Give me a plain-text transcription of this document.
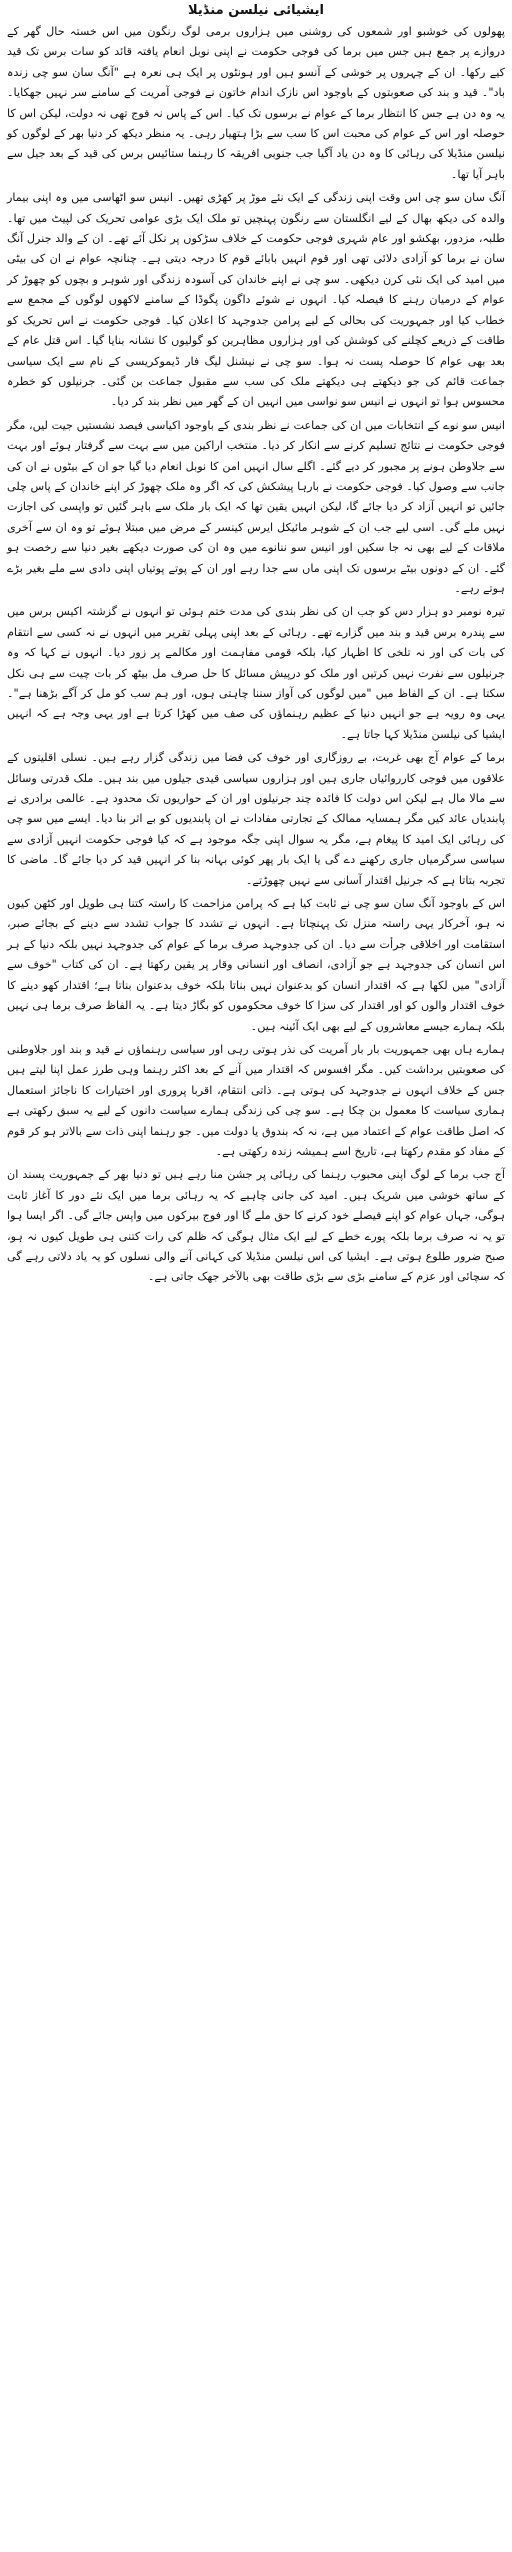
ایشیائی نیلسن منڈیلا

پھولوں کی خوشبو اور شمعوں کی روشنی میں ہزاروں برمی لوگ رنگون میں اس خستہ حال گھر کے دروازے پر جمع ہیں جس میں برما کی فوجی حکومت نے اپنی نوبل انعام یافتہ قائد کو سات برس تک قید کیے رکھا۔ ان کے چہروں پر خوشی کے آنسو ہیں اور ہونٹوں پر ایک ہی نعرہ ہے "آنگ سان سو چی زندہ باد"۔ قید و بند کی صعوبتوں کے باوجود اس نازک اندام خاتون نے فوجی آمریت کے سامنے سر نہیں جھکایا۔ یہ وہ دن ہے جس کا انتظار برما کے عوام نے برسوں تک کیا۔ اس کے پاس نہ فوج تھی نہ دولت، لیکن اس کا حوصلہ اور اس کے عوام کی محبت اس کا سب سے بڑا ہتھیار رہی۔ یہ منظر دیکھ کر دنیا بھر کے لوگوں کو نیلسن منڈیلا کی رہائی کا وہ دن یاد آگیا جب جنوبی افریقہ کا رہنما ستائیس برس کی قید کے بعد جیل سے باہر آیا تھا۔

آنگ سان سو چی اس وقت اپنی زندگی کے ایک نئے موڑ پر کھڑی تھیں۔ انیس سو اٹھاسی میں وہ اپنی بیمار والدہ کی دیکھ بھال کے لیے انگلستان سے رنگون پہنچیں تو ملک ایک بڑی عوامی تحریک کی لپیٹ میں تھا۔ طلبہ، مزدور، بھکشو اور عام شہری فوجی حکومت کے خلاف سڑکوں پر نکل آئے تھے۔ ان کے والد جنرل آنگ سان نے برما کو آزادی دلائی تھی اور قوم انہیں بابائے قوم کا درجہ دیتی ہے۔ چنانچہ عوام نے ان کی بیٹی میں امید کی ایک نئی کرن دیکھی۔ سو چی نے اپنے خاندان کی آسودہ زندگی اور شوہر و بچوں کو چھوڑ کر عوام کے درمیان رہنے کا فیصلہ کیا۔ انہوں نے شوئے داگون پگوڈا کے سامنے لاکھوں لوگوں کے مجمع سے خطاب کیا اور جمہوریت کی بحالی کے لیے پرامن جدوجہد کا اعلان کیا۔ فوجی حکومت نے اس تحریک کو طاقت کے ذریعے کچلنے کی کوشش کی اور ہزاروں مظاہرین کو گولیوں کا نشانہ بنایا گیا۔ اس قتل عام کے بعد بھی عوام کا حوصلہ پست نہ ہوا۔ سو چی نے نیشنل لیگ فار ڈیموکریسی کے نام سے ایک سیاسی جماعت قائم کی جو دیکھتے ہی دیکھتے ملک کی سب سے مقبول جماعت بن گئی۔ جرنیلوں کو خطرہ محسوس ہوا تو انہوں نے انیس سو نواسی میں انہیں ان کے گھر میں نظر بند کر دیا۔

انیس سو نوے کے انتخابات میں ان کی جماعت نے نظر بندی کے باوجود اکیاسی فیصد نشستیں جیت لیں، مگر فوجی حکومت نے نتائج تسلیم کرنے سے انکار کر دیا۔ منتخب اراکین میں سے بہت سے گرفتار ہوئے اور بہت سے جلاوطن ہونے پر مجبور کر دیے گئے۔ اگلے سال انہیں امن کا نوبل انعام دیا گیا جو ان کے بیٹوں نے ان کی جانب سے وصول کیا۔ فوجی حکومت نے بارہا پیشکش کی کہ اگر وہ ملک چھوڑ کر اپنے خاندان کے پاس چلی جائیں تو انہیں آزاد کر دیا جائے گا، لیکن انہیں یقین تھا کہ ایک بار ملک سے باہر گئیں تو واپسی کی اجازت نہیں ملے گی۔ اسی لیے جب ان کے شوہر مائیکل ایرس کینسر کے مرض میں مبتلا ہوئے تو وہ ان سے آخری ملاقات کے لیے بھی نہ جا سکیں اور انیس سو ننانوے میں وہ ان کی صورت دیکھے بغیر دنیا سے رخصت ہو گئے۔ ان کے دونوں بیٹے برسوں تک اپنی ماں سے جدا رہے اور ان کے پوتے پوتیاں اپنی دادی سے ملے بغیر بڑے ہوتے رہے۔

تیرہ نومبر دو ہزار دس کو جب ان کی نظر بندی کی مدت ختم ہوئی تو انہوں نے گزشتہ اکیس برس میں سے پندرہ برس قید و بند میں گزارے تھے۔ رہائی کے بعد اپنی پہلی تقریر میں انہوں نے نہ کسی سے انتقام کی بات کی اور نہ تلخی کا اظہار کیا، بلکہ قومی مفاہمت اور مکالمے پر زور دیا۔ انہوں نے کہا کہ وہ جرنیلوں سے نفرت نہیں کرتیں اور ملک کو درپیش مسائل کا حل صرف مل بیٹھ کر بات چیت سے ہی نکل سکتا ہے۔ ان کے الفاظ میں "میں لوگوں کی آواز سننا چاہتی ہوں، اور ہم سب کو مل کر آگے بڑھنا ہے"۔ یہی وہ رویہ ہے جو انہیں دنیا کے عظیم رہنماؤں کی صف میں کھڑا کرتا ہے اور یہی وجہ ہے کہ انہیں ایشیا کی نیلسن منڈیلا کہا جاتا ہے۔

برما کے عوام آج بھی غربت، بے روزگاری اور خوف کی فضا میں زندگی گزار رہے ہیں۔ نسلی اقلیتوں کے علاقوں میں فوجی کارروائیاں جاری ہیں اور ہزاروں سیاسی قیدی جیلوں میں بند ہیں۔ ملک قدرتی وسائل سے مالا مال ہے لیکن اس دولت کا فائدہ چند جرنیلوں اور ان کے حواریوں تک محدود ہے۔ عالمی برادری نے پابندیاں عائد کیں مگر ہمسایہ ممالک کے تجارتی مفادات نے ان پابندیوں کو بے اثر بنا دیا۔ ایسے میں سو چی کی رہائی ایک امید کا پیغام ہے، مگر یہ سوال اپنی جگہ موجود ہے کہ کیا فوجی حکومت انہیں آزادی سے سیاسی سرگرمیاں جاری رکھنے دے گی یا ایک بار پھر کوئی بہانہ بنا کر انہیں قید کر دیا جائے گا۔ ماضی کا تجربہ بتاتا ہے کہ جرنیل اقتدار آسانی سے نہیں چھوڑتے۔

اس کے باوجود آنگ سان سو چی نے ثابت کیا ہے کہ پرامن مزاحمت کا راستہ کتنا ہی طویل اور کٹھن کیوں نہ ہو، آخرکار یہی راستہ منزل تک پہنچاتا ہے۔ انہوں نے تشدد کا جواب تشدد سے دینے کے بجائے صبر، استقامت اور اخلاقی جرأت سے دیا۔ ان کی جدوجہد صرف برما کے عوام کی جدوجہد نہیں بلکہ دنیا کے ہر اس انسان کی جدوجہد ہے جو آزادی، انصاف اور انسانی وقار پر یقین رکھتا ہے۔ ان کی کتاب "خوف سے آزادی" میں لکھا ہے کہ اقتدار انسان کو بدعنوان نہیں بناتا بلکہ خوف بدعنوان بناتا ہے؛ اقتدار کھو دینے کا خوف اقتدار والوں کو اور اقتدار کی سزا کا خوف محکوموں کو بگاڑ دیتا ہے۔ یہ الفاظ صرف برما ہی نہیں بلکہ ہمارے جیسے معاشروں کے لیے بھی ایک آئینہ ہیں۔

ہمارے ہاں بھی جمہوریت بار بار آمریت کی نذر ہوتی رہی اور سیاسی رہنماؤں نے قید و بند اور جلاوطنی کی صعوبتیں برداشت کیں۔ مگر افسوس کہ اقتدار میں آنے کے بعد اکثر رہنما وہی طرز عمل اپنا لیتے ہیں جس کے خلاف انہوں نے جدوجہد کی ہوتی ہے۔ ذاتی انتقام، اقربا پروری اور اختیارات کا ناجائز استعمال ہماری سیاست کا معمول بن چکا ہے۔ سو چی کی زندگی ہمارے سیاست دانوں کے لیے یہ سبق رکھتی ہے کہ اصل طاقت عوام کے اعتماد میں ہے، نہ کہ بندوق یا دولت میں۔ جو رہنما اپنی ذات سے بالاتر ہو کر قوم کے مفاد کو مقدم رکھتا ہے، تاریخ اسے ہمیشہ زندہ رکھتی ہے۔

آج جب برما کے لوگ اپنی محبوب رہنما کی رہائی پر جشن منا رہے ہیں تو دنیا بھر کے جمہوریت پسند ان کے ساتھ خوشی میں شریک ہیں۔ امید کی جانی چاہیے کہ یہ رہائی برما میں ایک نئے دور کا آغاز ثابت ہوگی، جہاں عوام کو اپنے فیصلے خود کرنے کا حق ملے گا اور فوج بیرکوں میں واپس جائے گی۔ اگر ایسا ہوا تو یہ نہ صرف برما بلکہ پورے خطے کے لیے ایک مثال ہوگی کہ ظلم کی رات کتنی ہی طویل کیوں نہ ہو، صبح ضرور طلوع ہوتی ہے۔ ایشیا کی اس نیلسن منڈیلا کی کہانی آنے والی نسلوں کو یہ یاد دلاتی رہے گی کہ سچائی اور عزم کے سامنے بڑی سے بڑی طاقت بھی بالآخر جھک جاتی ہے۔
